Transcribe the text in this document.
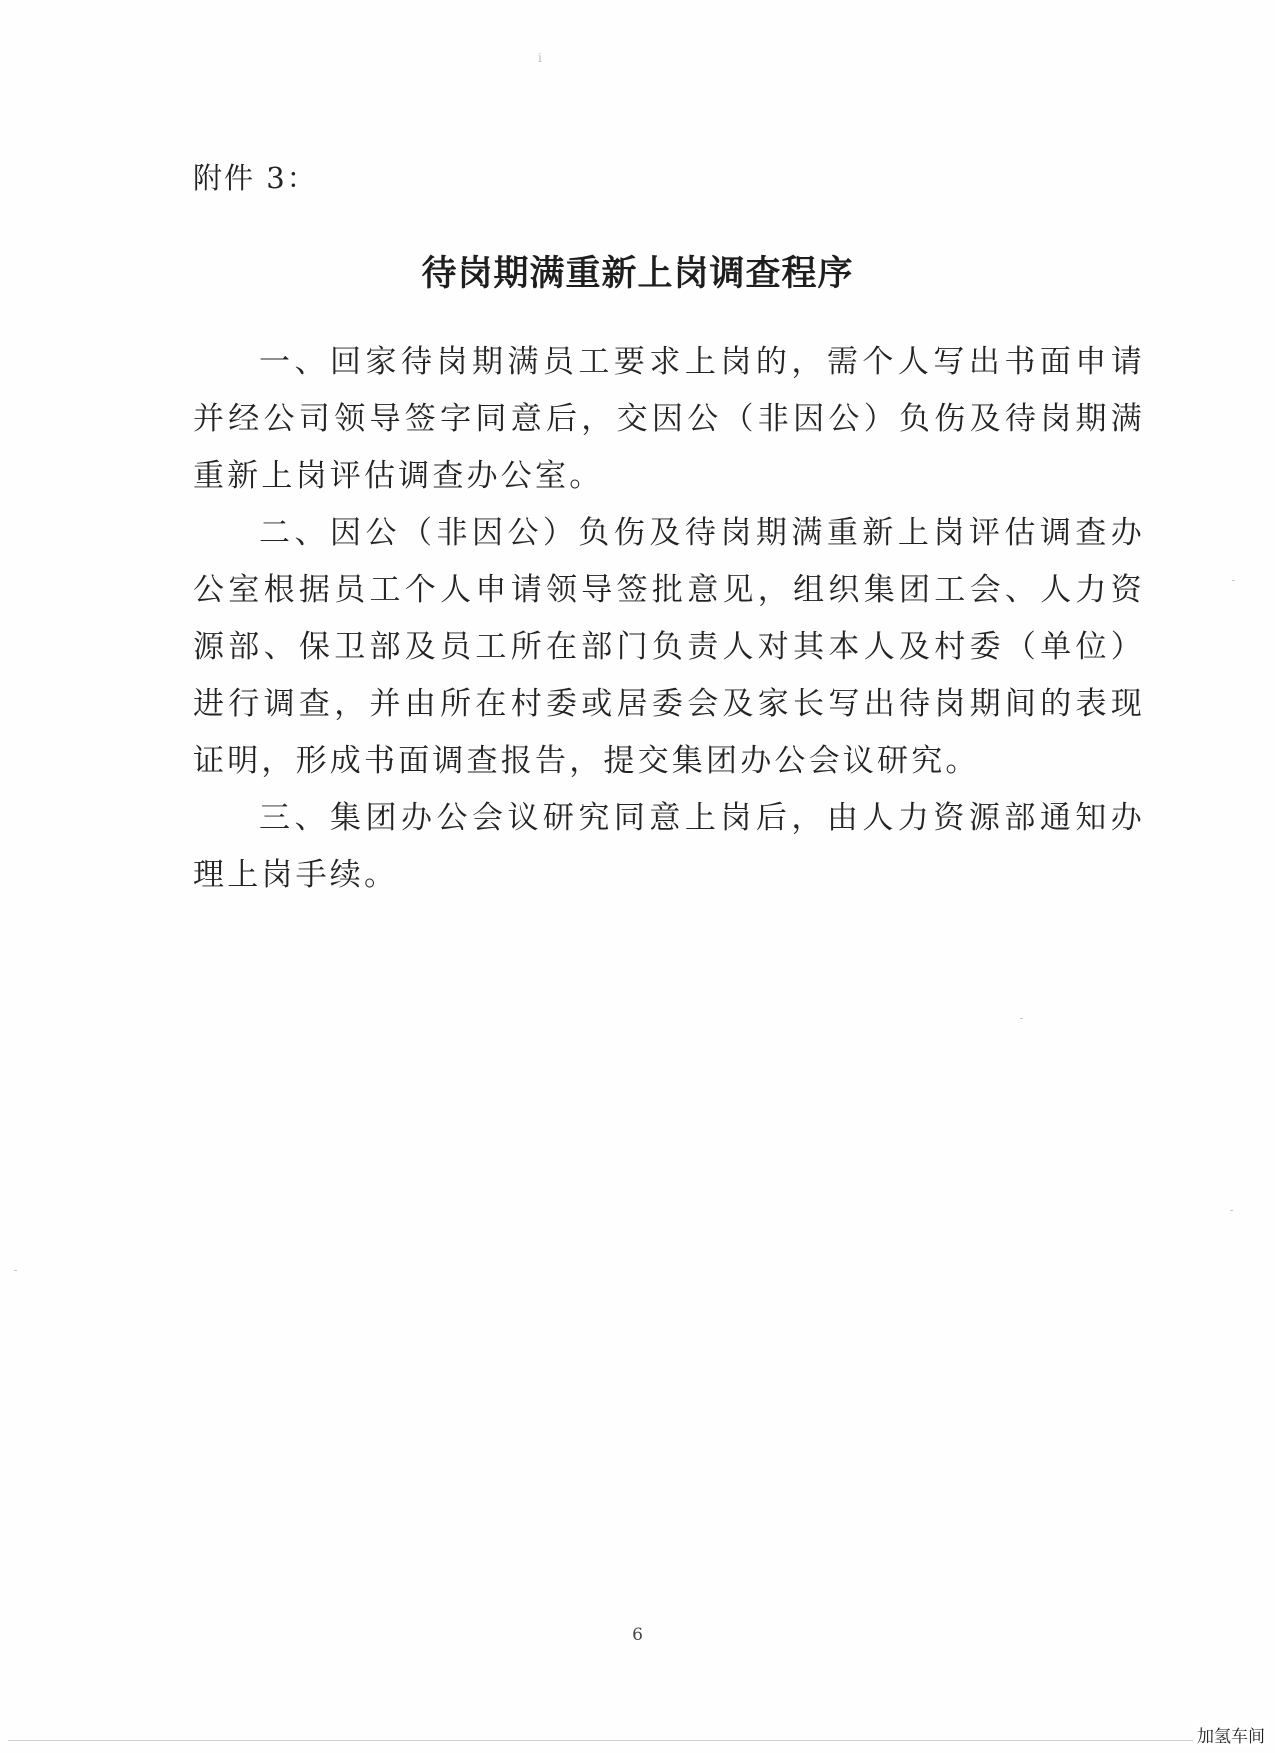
ⅰ
附件 3：
待岗期满重新上岗调查程序

一、回家待岗期满员工要求上岗的，需个人写出书面申请并经公司领导签字同意后，交因公（非因公）负伤及待岗期满重新上岗评估调查办公室。

二、因公（非因公）负伤及待岗期满重新上岗评估调查办公室根据员工个人申请领导签批意见，组织集团工会、人力资源部、保卫部及员工所在部门负责人对其本人及村委（单位）进行调查，并由所在村委或居委会及家长写出待岗期间的表现证明，形成书面调查报告，提交集团办公会议研究。

三、集团办公会议研究同意上岗后，由人力资源部通知办理上岗手续。

6
加氢车间
